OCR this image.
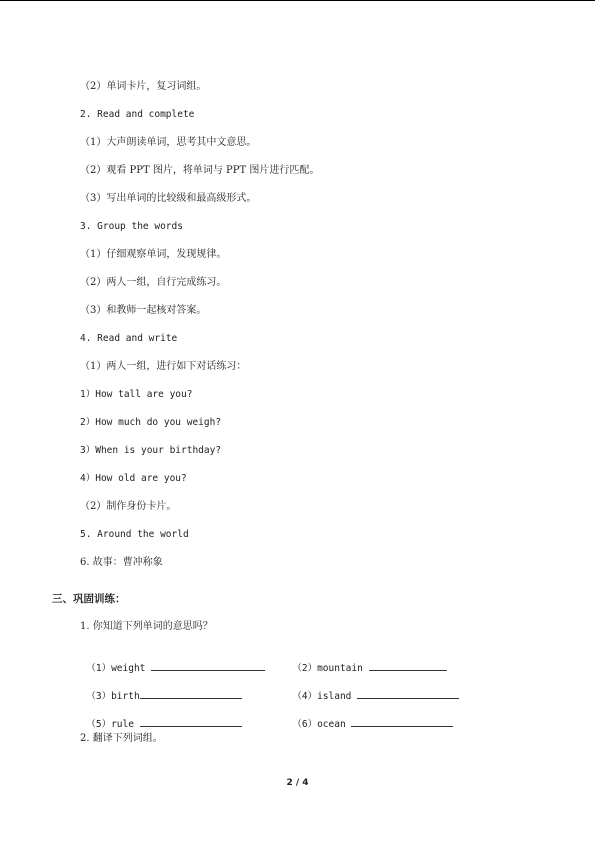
（2）单词卡片，复习词组。
2. Read and complete
（1）大声朗读单词，思考其中文意思。
（2）观看 PPT 图片，将单词与 PPT 图片进行匹配。
（3）写出单词的比较级和最高级形式。
3. Group the words
（1）仔细观察单词，发现规律。
（2）两人一组，自行完成练习。
（3）和教师一起核对答案。
4. Read and write
（1）两人一组，进行如下对话练习：
1）How tall are you?
2）How much do you weigh?
3）When is your birthday?
4）How old are you?
（2）制作身份卡片。
5. Around the world
6. 故事：曹冲称象
三、巩固训练：
1. 你知道下列单词的意思吗？

（1）weight	（2）mountain

（3）birth	（4）island

（5）rule	（6）ocean

2. 翻译下列词组。
2 / 4
